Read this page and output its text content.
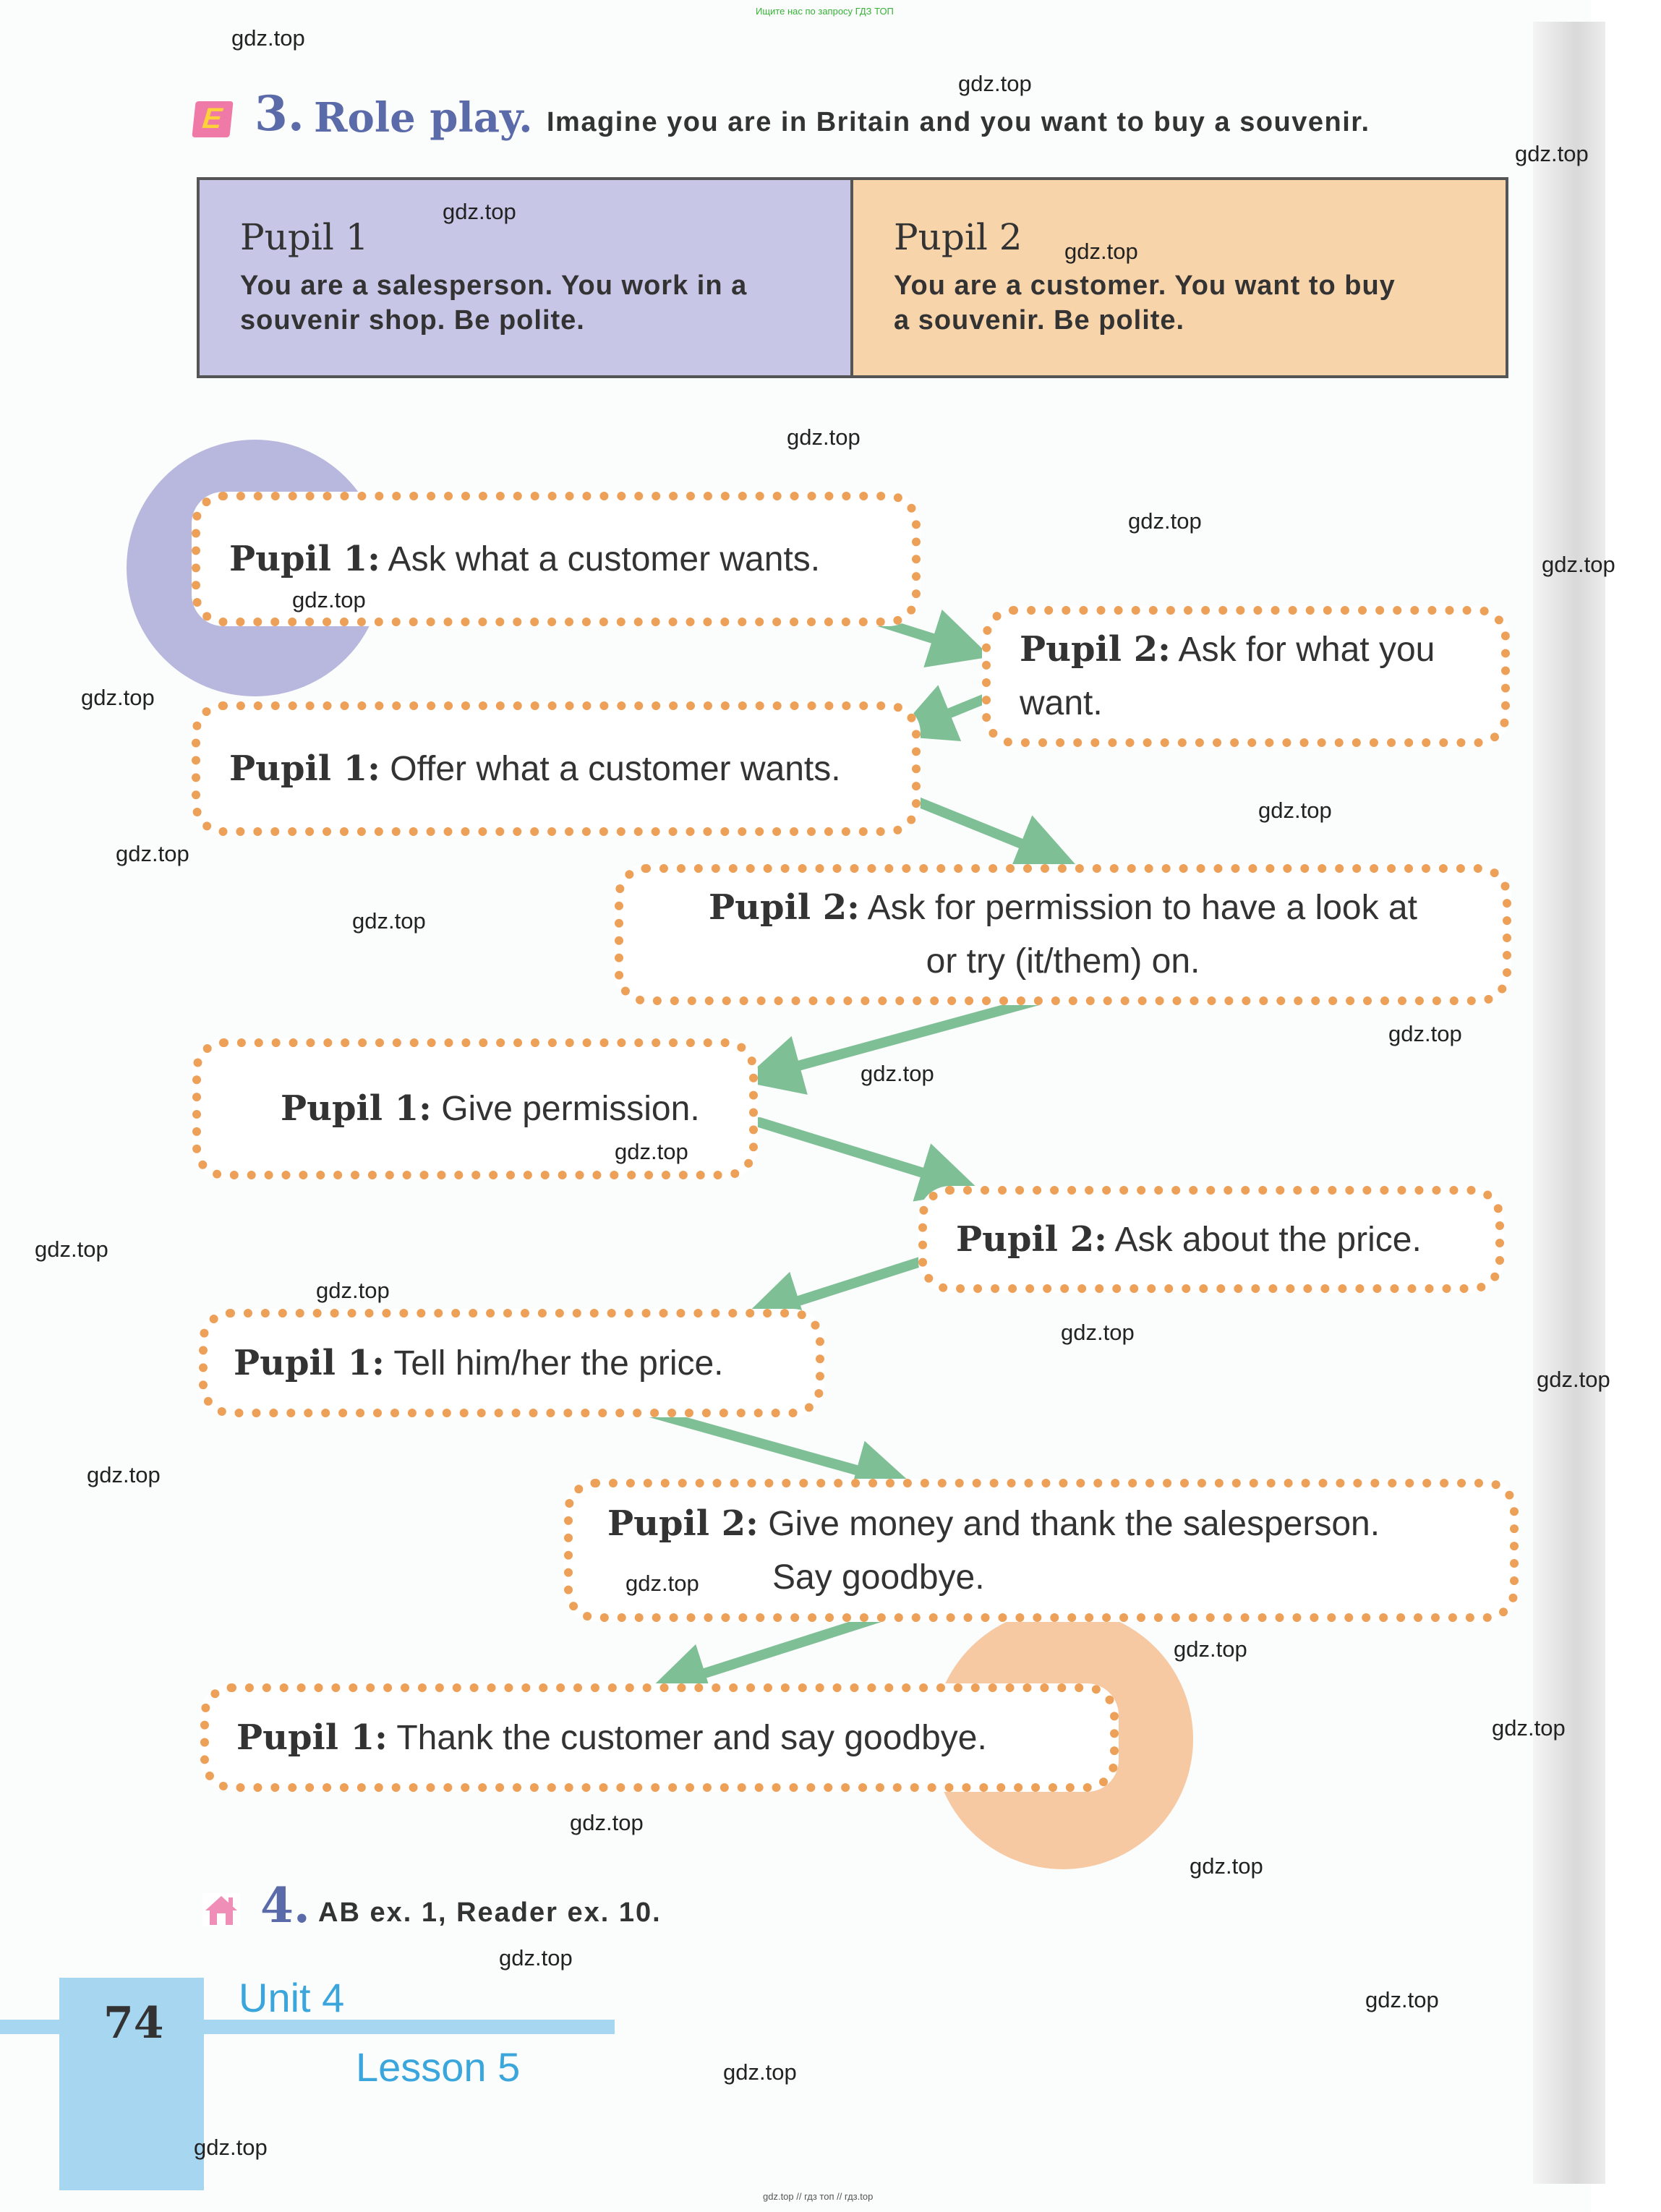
Ищите нас по запросу ГДЗ ТОП
E 3. Role play. Imagine you are in Britain and you want to buy a souvenir.
Pupil 1
You are a salesperson. You work in a
souvenir shop. Be polite.
Pupil 2
You are a customer. You want to buy
a souvenir. Be polite.
Pupil 1: Ask what a customer wants.
Pupil 2: Ask for what you
want.
Pupil 1: Offer what a customer wants.
Pupil 2: Ask for permission to have a look at
or try (it/them) on.
Pupil 1: Give permission.
Pupil 2: Ask about the price.
Pupil 1: Tell him/her the price.
Pupil 2: Give money and thank the salesperson.
Say goodbye.
Pupil 1: Thank the customer and say goodbye.
4. AB ex. 1, Reader ex. 10.
74
Unit 4
Lesson 5
gdz.top // гдз топ // гдз.top
gdz.top
gdz.top
gdz.top
gdz.top
gdz.top
gdz.top
gdz.top
gdz.top
gdz.top
gdz.top
gdz.top
gdz.top
gdz.top
gdz.top
gdz.top
gdz.top
gdz.top
gdz.top
gdz.top
gdz.top
gdz.top
gdz.top
gdz.top
gdz.top
gdz.top
gdz.top
gdz.top
gdz.top
gdz.top
gdz.top
